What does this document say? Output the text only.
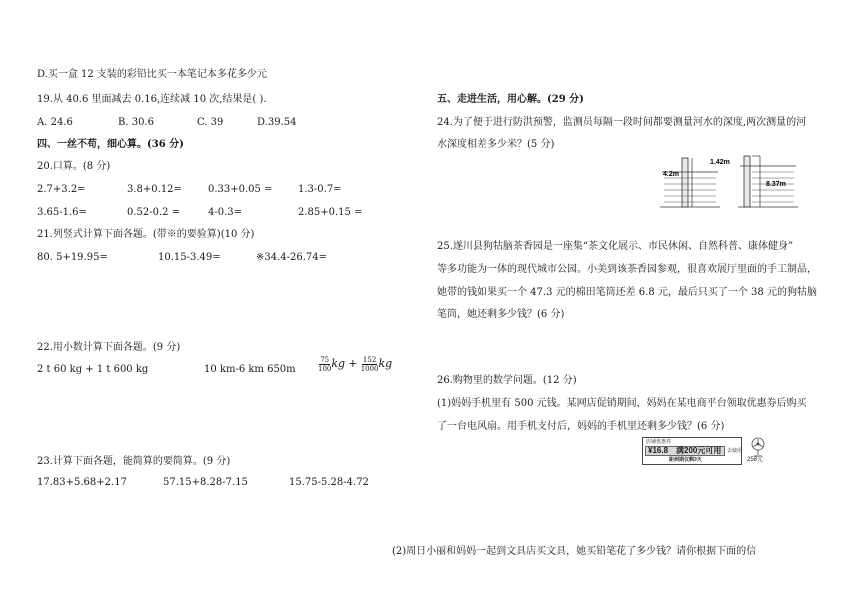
D.买一盒 12 支装的彩铅比买一本笔记本多花多少元
19.从 40.6 里面减去 0.16,连续减 10 次,结果是( ).
A. 24.6	B. 30.6	C. 39	D.39.54
四、一丝不苟，细心算。(36 分)
20.口算。(8 分)
2.7+3.2=	3.8+0.12=	0.33+0.05 =	1.3-0.7=
3.65-1.6=	0.52-0.2 =	4-0.3=	2.85+0.15 =
21.列竖式计算下面各题。(带※的要验算)(10 分)
80. 5+19.95=	10.15-3.49=	※34.4-26.74=
22.用小数计算下面各题。(9 分)
2 t 60 kg + 1 t 600 kg	10 km-6 km 650m	$\frac{75}{100}$ kg + $\frac{152}{1000}$ kg
23.计算下面各题，能简算的要简算。(9 分)
17.83+5.68+2.17	57.15+8.28-7.15	15.75-5.28-4.72
五、走进生活，用心解。(29 分)
24.为了便于进行防洪预警，监测员每隔一段时间都要测量河水的深度,两次测量的河
水深度相差多少米？(5 分)
4.2m
1.42m
8.37m
25.遂川县狗牯脑茶香园是一座集“茶文化展示、市民休闲、自然科普、康体健身”
等多功能为一体的现代城市公园。小美到该茶香园参观，很喜欢展厅里面的手工制品，
她带的钱如果买一个 47.3 元的棉田笔筒还差 6.8 元，最后只买了一个 38 元的狗牯脑
笔筒，她还剩多少钱？(6 分)
26.购物里的数学问题。(12 分)
(1)妈妈手机里有 500 元钱。某网店促销期间，妈妈在某电商平台领取优惠券后购买
了一台电风扇。用手机支付后，妈妈的手机里还剩多少钱？(6 分)
店铺优惠券
¥16.8 满200元可用 去使用
距到期仅剩3天	258元
(2)周日小丽和妈妈一起到文具店买文具，她买铅笔花了多少钱？请你根据下面的信
